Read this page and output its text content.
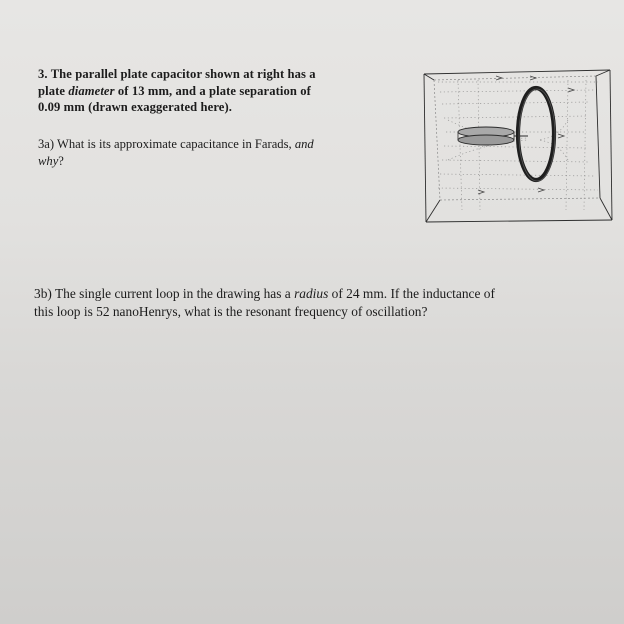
3. The parallel plate capacitor shown at right has a
plate diameter of 13 mm, and a plate separation of
0.09 mm (drawn exaggerated here).
3a) What is its approximate capacitance in Farads, and
why?
3b) The single current loop in the drawing has a radius of 24 mm. If the inductance of
this loop is 52 nanoHenrys, what is the resonant frequency of oscillation?
